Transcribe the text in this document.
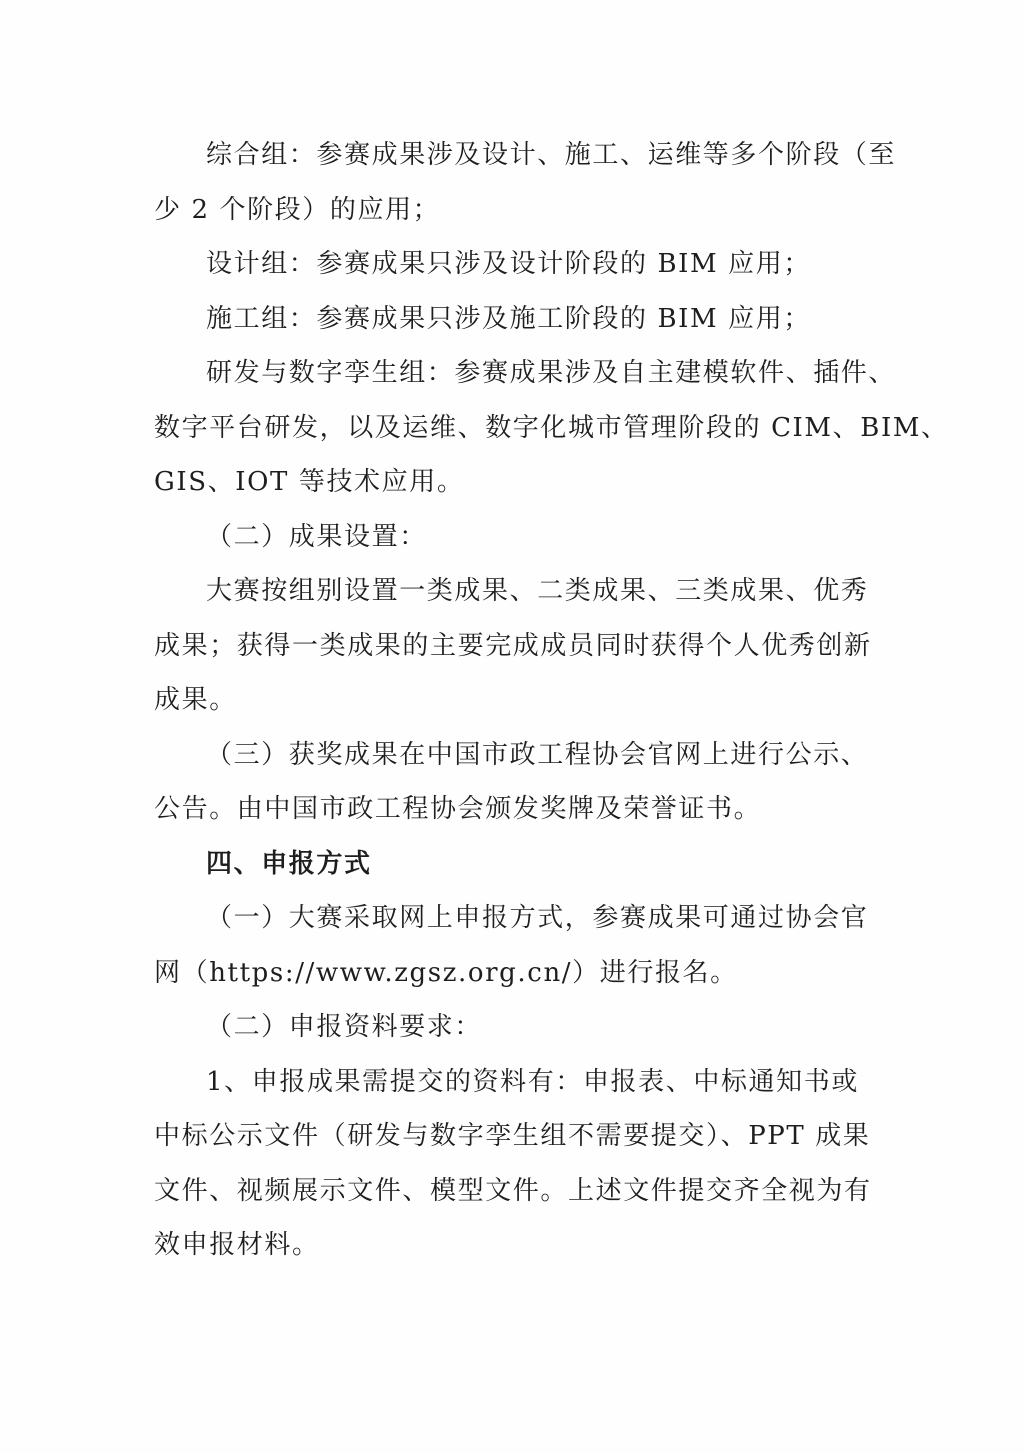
综合组：参赛成果涉及设计、施工、运维等多个阶段（至
少 2 个阶段）的应用；
设计组：参赛成果只涉及设计阶段的 BIM 应用；
施工组：参赛成果只涉及施工阶段的 BIM 应用；
研发与数字孪生组：参赛成果涉及自主建模软件、插件、
数字平台研发，以及运维、数字化城市管理阶段的 CIM、BIM、
GIS、IOT 等技术应用。
（二）成果设置：
大赛按组别设置一类成果、二类成果、三类成果、优秀
成果；获得一类成果的主要完成成员同时获得个人优秀创新
成果。
（三）获奖成果在中国市政工程协会官网上进行公示、
公告。由中国市政工程协会颁发奖牌及荣誉证书。
四、申报方式
（一）大赛采取网上申报方式，参赛成果可通过协会官
网（https://www.zgsz.org.cn/）进行报名。
（二）申报资料要求：
1、申报成果需提交的资料有：申报表、中标通知书或
中标公示文件（研发与数字孪生组不需要提交）、PPT 成果
文件、视频展示文件、模型文件。上述文件提交齐全视为有
效申报材料。
